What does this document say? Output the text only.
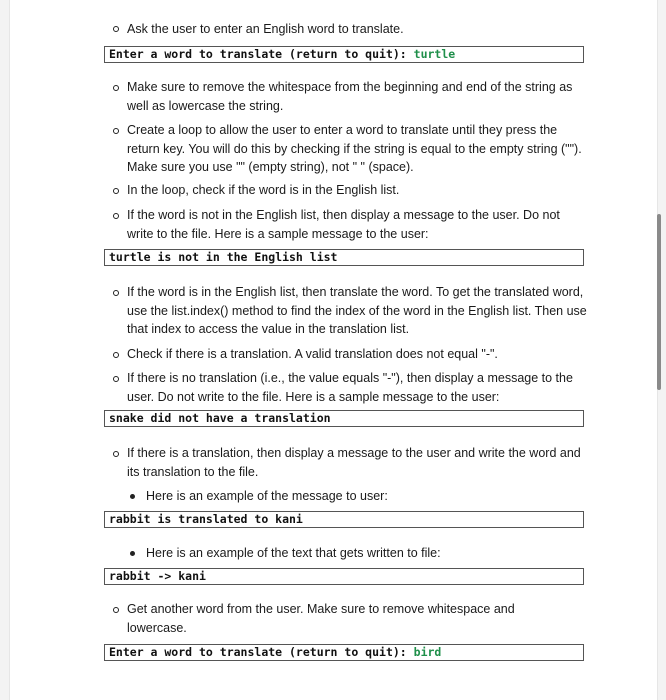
Ask the user to enter an English word to translate.
Enter a word to translate (return to quit): turtle
Make sure to remove the whitespace from the beginning and end of the string as well as lowercase the string.
Create a loop to allow the user to enter a word to translate until they press the return key. You will do this by checking if the string is equal to the empty string (""). Make sure you use "" (empty string), not " " (space).
In the loop, check if the word is in the English list.
If the word is not in the English list, then display a message to the user. Do not write to the file. Here is a sample message to the user:
turtle is not in the English list
If the word is in the English list, then translate the word. To get the translated word, use the list.index() method to find the index of the word in the English list. Then use that index to access the value in the translation list.
Check if there is a translation. A valid translation does not equal "-".
If there is no translation (i.e., the value equals "-"), then display a message to the user. Do not write to the file. Here is a sample message to the user:
snake did not have a translation
If there is a translation, then display a message to the user and write the word and its translation to the file.
Here is an example of the message to user:
rabbit is translated to kani
Here is an example of the text that gets written to file:
rabbit -> kani
Get another word from the user. Make sure to remove whitespace and lowercase.
Enter a word to translate (return to quit): bird
